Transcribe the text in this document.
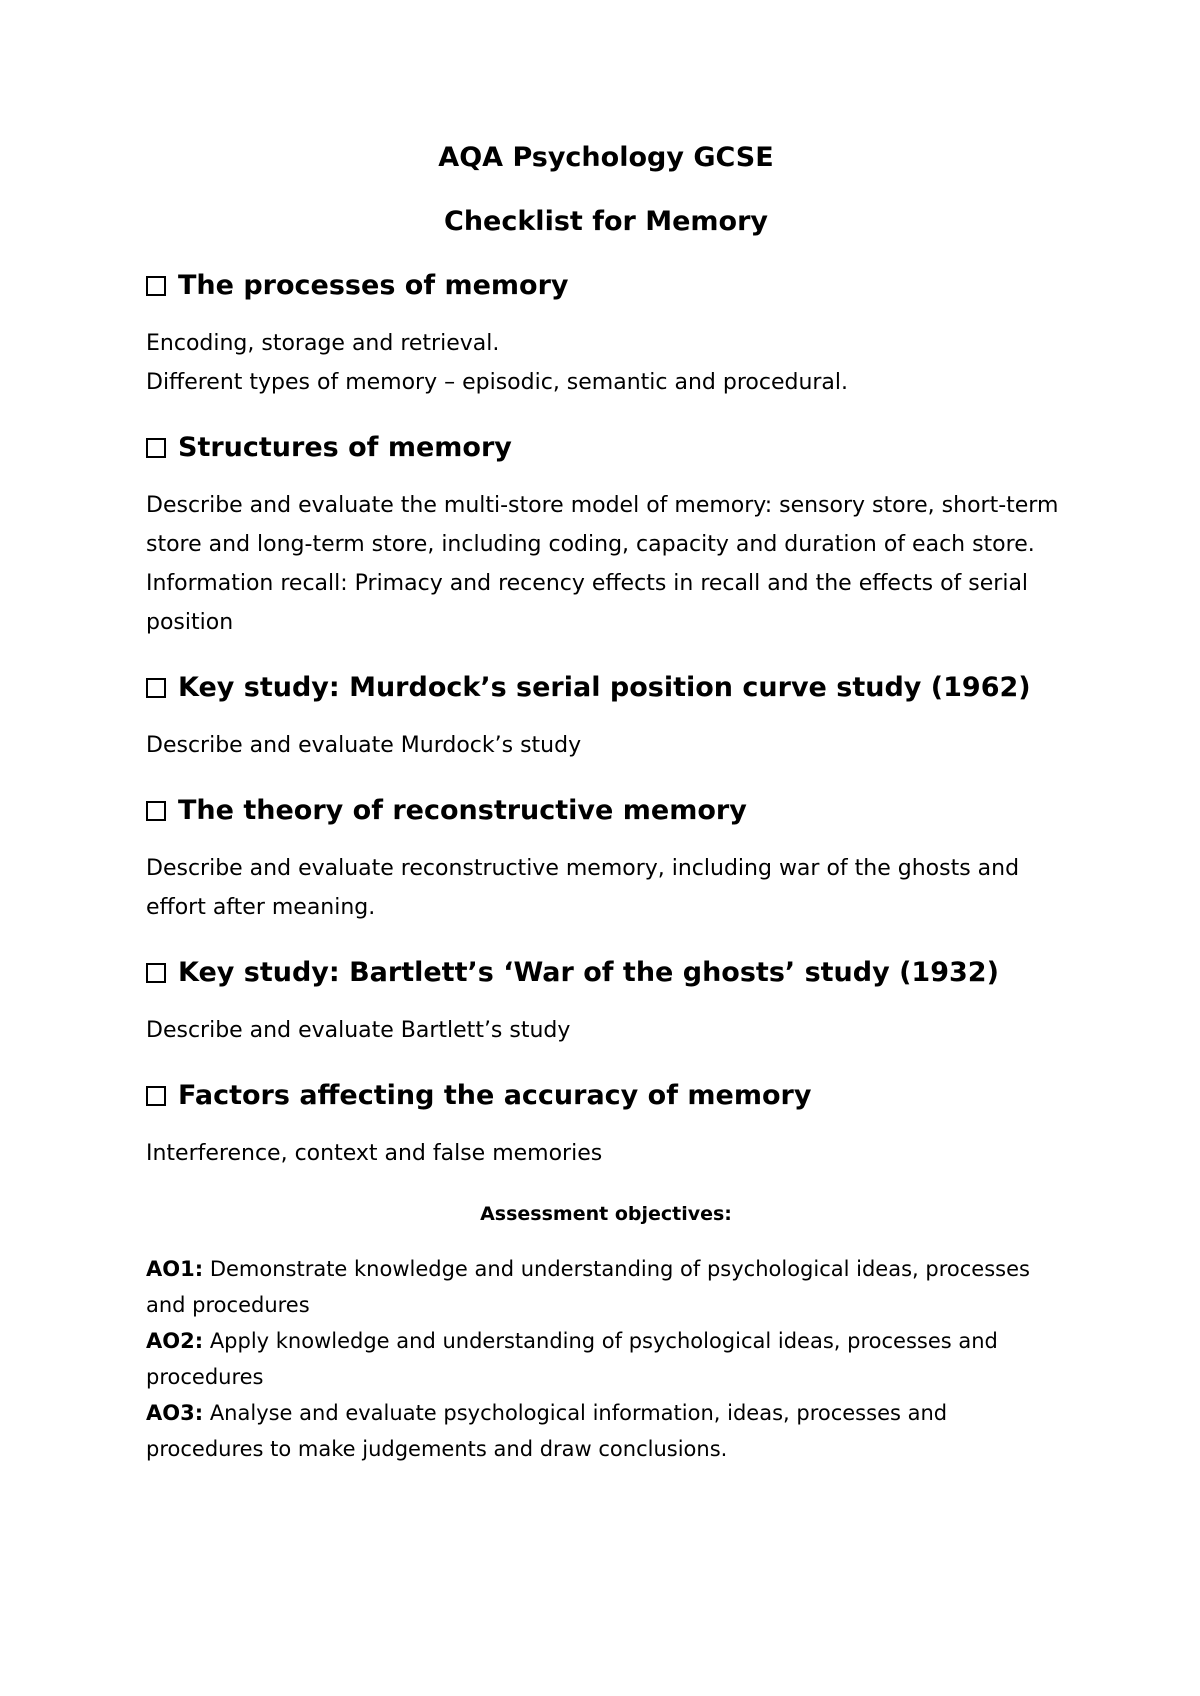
AQA Psychology GCSE
Checklist for Memory
The processes of memory

Encoding, storage and retrieval.

Different types of memory – episodic, semantic and procedural.

Structures of memory

Describe and evaluate the multi-store model of memory: sensory store, short-term store and long-term store, including coding, capacity and duration of each store.

Information recall: Primacy and recency effects in recall and the effects of serial position

Key study: Murdock’s serial position curve study (1962)

Describe and evaluate Murdock’s study

The theory of reconstructive memory

Describe and evaluate reconstructive memory, including war of the ghosts and effort after meaning.

Key study: Bartlett’s ‘War of the ghosts’ study (1932)

Describe and evaluate Bartlett’s study

Factors affecting the accuracy of memory

Interference, context and false memories

Assessment objectives:

AO1: Demonstrate knowledge and understanding of psychological ideas, processes and procedures

AO2: Apply knowledge and understanding of psychological ideas, processes and procedures

AO3: Analyse and evaluate psychological information, ideas, processes and procedures to make judgements and draw conclusions.
